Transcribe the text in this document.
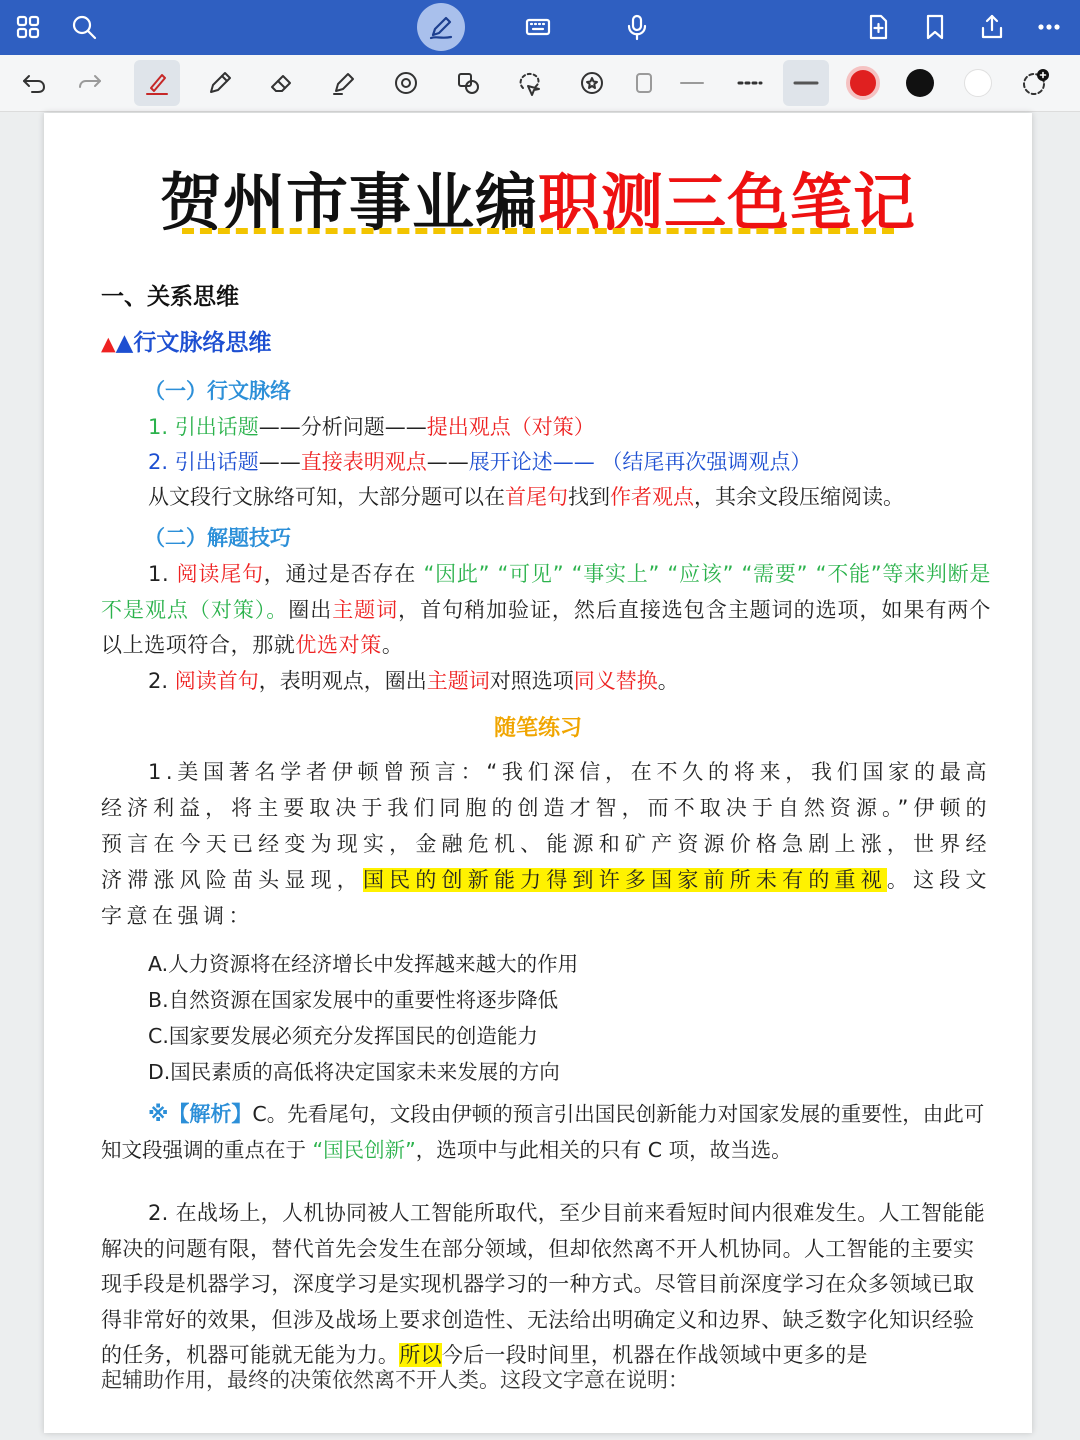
贺州市事业编职测三色笔记
一、关系思维
▲▲行文脉络思维
（一）行文脉络
1. 引出话题——分析问题——提出观点（对策）
2. 引出话题——直接表明观点——展开论述—— （结尾再次强调观点）
从文段行文脉络可知，大部分题可以在首尾句找到作者观点，其余文段压缩阅读。
（二）解题技巧
1. 阅读尾句，通过是否存在 “因此” “可见” “事实上” “应该” “需要” “不能”等来判断是不是观点（对策）。圈出主题词，首句稍加验证，然后直接选包含主题词的选项，如果有两个以上选项符合，那就优选对策。
2. 阅读首句，表明观点，圈出主题词对照选项同义替换。
随笔练习
1.美国著名学者伊顿曾预言：“我们深信，在不久的将来，我们国家的最高经济利益，将主要取决于我们同胞的创造才智，而不取决于自然资源。”伊顿的预言在今天已经变为现实，金融危机、能源和矿产资源价格急剧上涨，世界经济滞涨风险苗头显现，国民的创新能力得到许多国家前所未有的重视。这段文字意在强调：
A.人力资源将在经济增长中发挥越来越大的作用
B.自然资源在国家发展中的重要性将逐步降低
C.国家要发展必须充分发挥国民的创造能力
D.国民素质的高低将决定国家未来发展的方向
※【解析】C。先看尾句，文段由伊顿的预言引出国民创新能力对国家发展的重要性，由此可知文段强调的重点在于 “国民创新”，选项中与此相关的只有 C 项，故当选。
2. 在战场上，人机协同被人工智能所取代，至少目前来看短时间内很难发生。人工智能能解决的问题有限，替代首先会发生在部分领域，但却依然离不开人机协同。人工智能的主要实现手段是机器学习，深度学习是实现机器学习的一种方式。尽管目前深度学习在众多领域已取得非常好的效果，但涉及战场上要求创造性、无法给出明确定义和边界、缺乏数字化知识经验的任务，机器可能就无能为力。所以今后一段时间里，机器在作战领域中更多的是
起辅助作用，最终的决策依然离不开人类。这段文字意在说明：
